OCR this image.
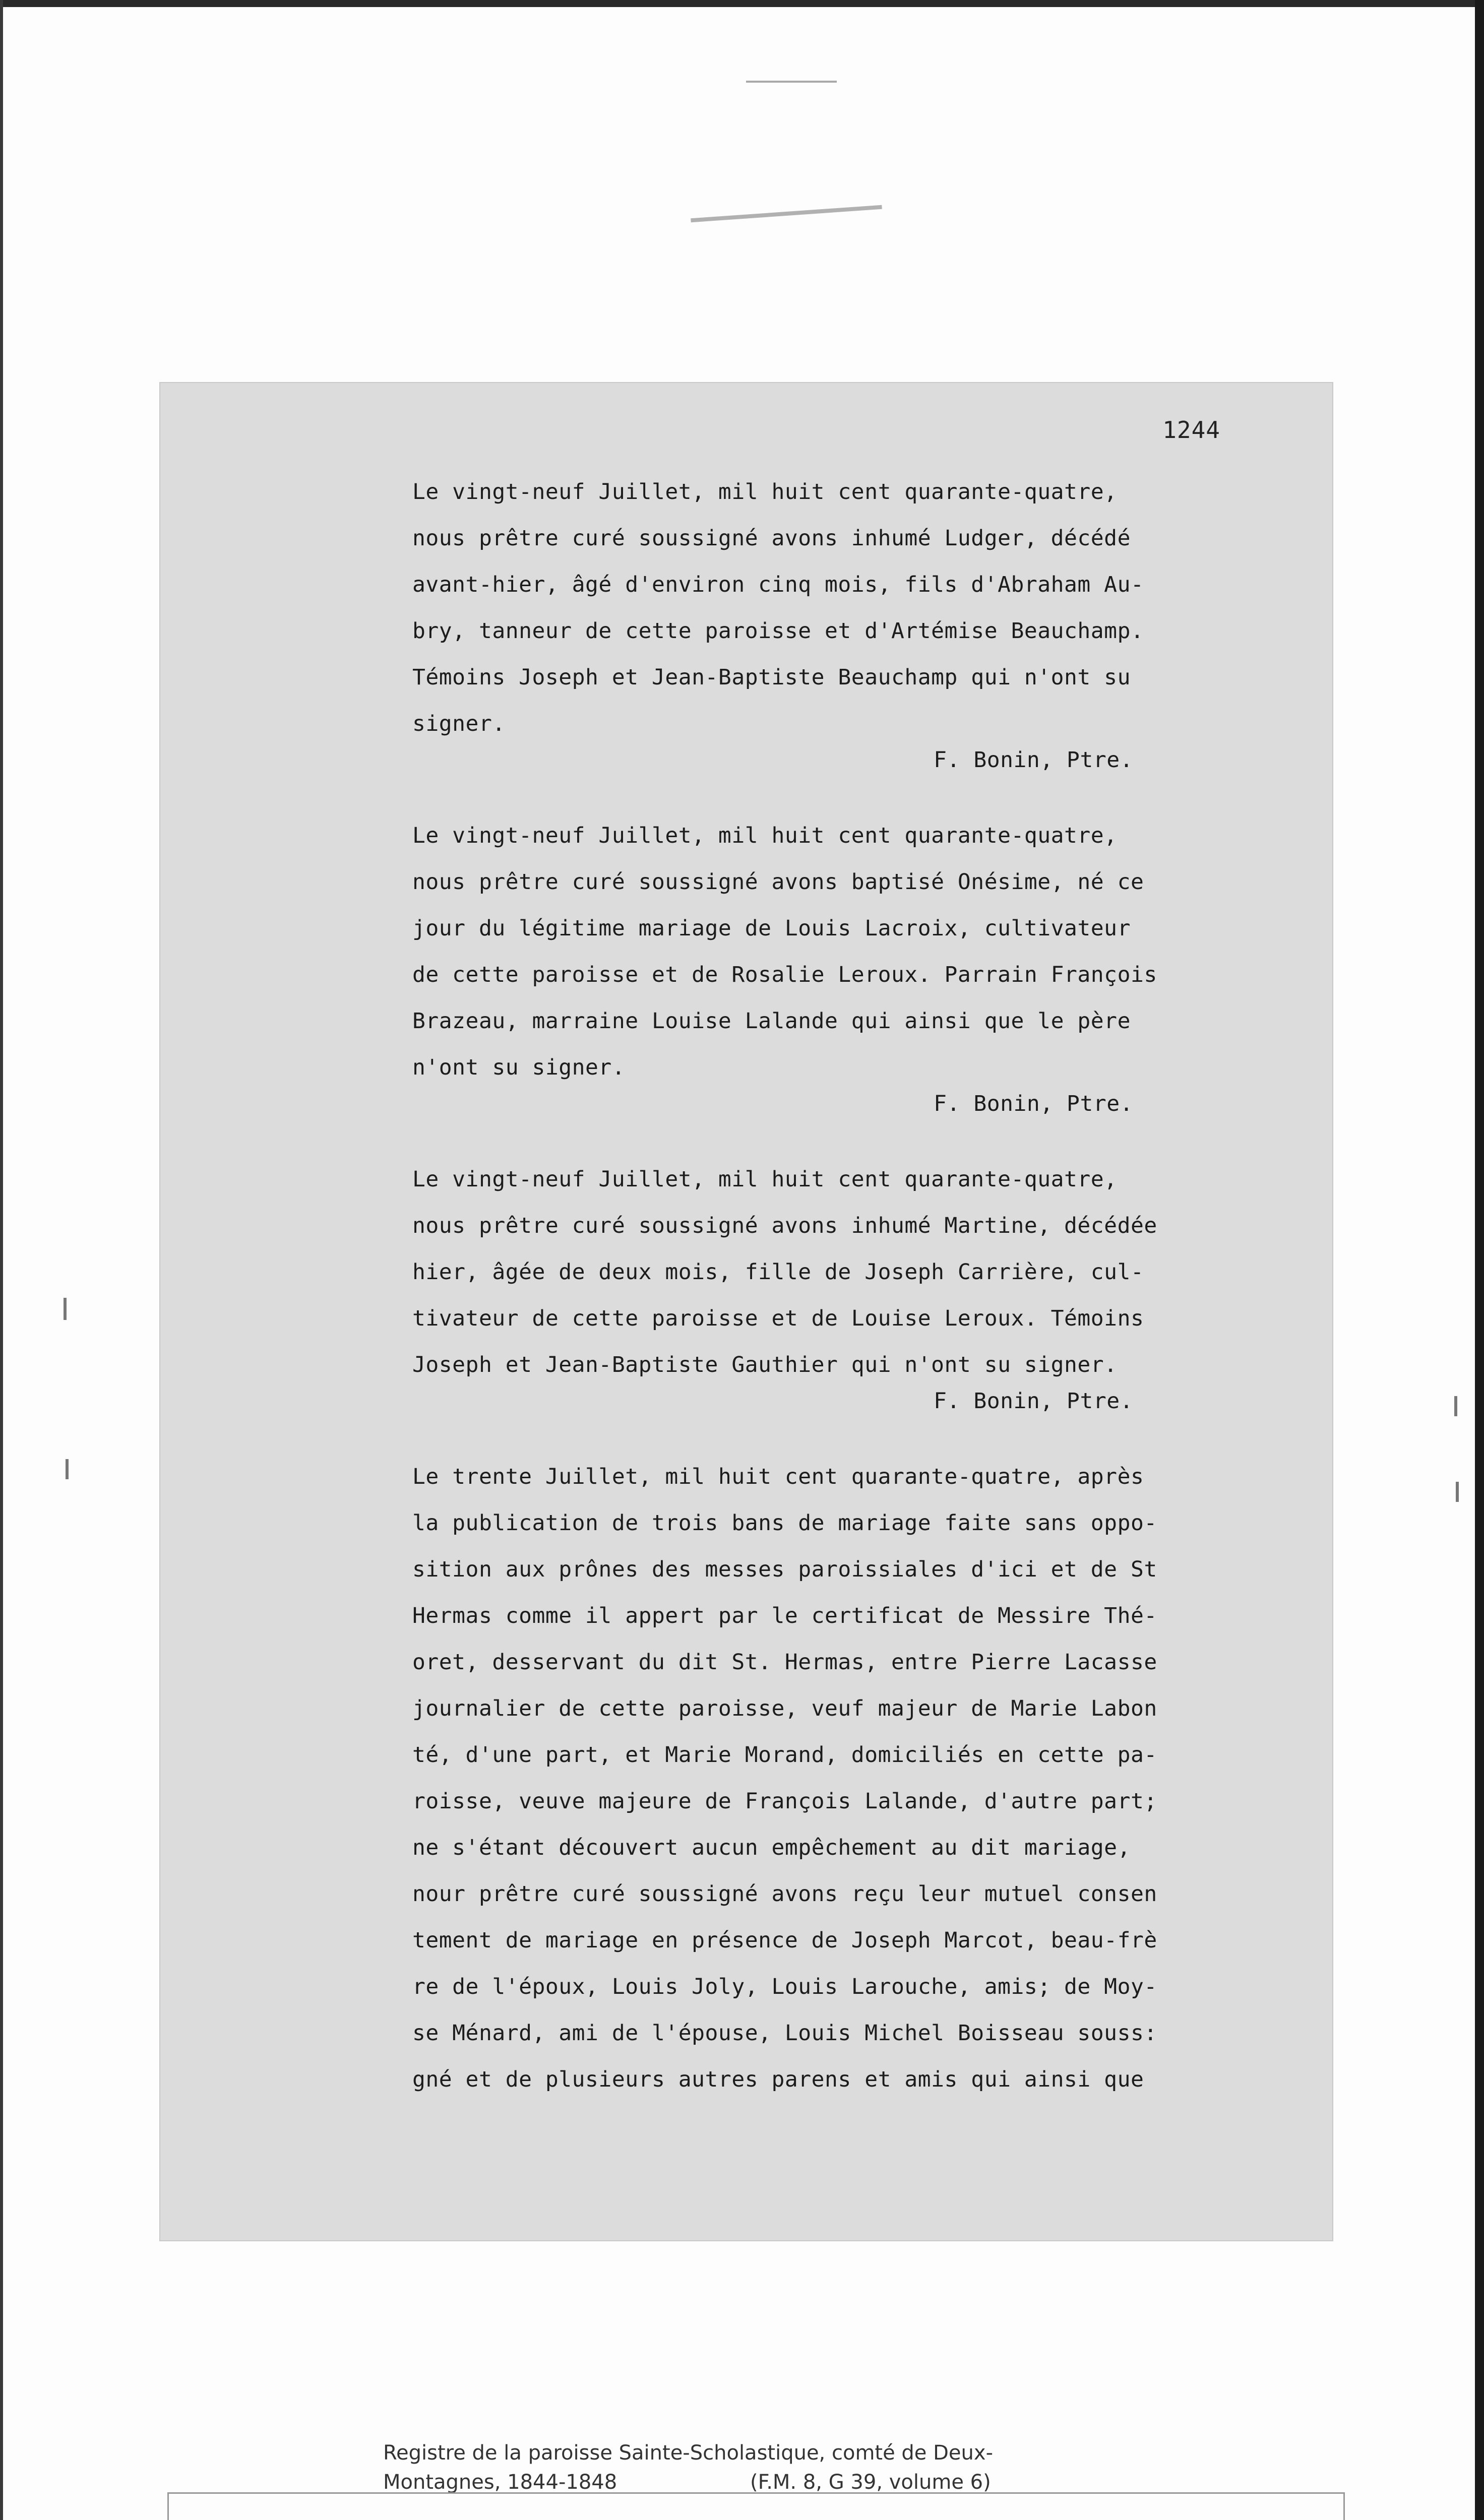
1244
Le vingt-neuf Juillet, mil huit cent quarante-quatre,
nous prêtre curé soussigné avons inhumé Ludger, décédé
avant-hier, âgé d'environ cinq mois, fils d'Abraham Au-
bry, tanneur de cette paroisse et d'Artémise Beauchamp.
Témoins Joseph et Jean-Baptiste Beauchamp qui n'ont su
signer.
F. Bonin, Ptre.
Le vingt-neuf Juillet, mil huit cent quarante-quatre,
nous prêtre curé soussigné avons baptisé Onésime, né ce
jour du légitime mariage de Louis Lacroix, cultivateur
de cette paroisse et de Rosalie Leroux. Parrain François
Brazeau, marraine Louise Lalande qui ainsi que le père
n'ont su signer.
F. Bonin, Ptre.
Le vingt-neuf Juillet, mil huit cent quarante-quatre,
nous prêtre curé soussigné avons inhumé Martine, décédée
hier, âgée de deux mois, fille de Joseph Carrière, cul-
tivateur de cette paroisse et de Louise Leroux. Témoins
Joseph et Jean-Baptiste Gauthier qui n'ont su signer.
F. Bonin, Ptre.
Le trente Juillet, mil huit cent quarante-quatre, après
la publication de trois bans de mariage faite sans oppo-
sition aux prônes des messes paroissiales d'ici et de St
Hermas comme il appert par le certificat de Messire Thé-
oret, desservant du dit St. Hermas, entre Pierre Lacasse
journalier de cette paroisse, veuf majeur de Marie Labon
té, d'une part, et Marie Morand, domiciliés en cette pa-
roisse, veuve majeure de François Lalande, d'autre part;
ne s'étant découvert aucun empêchement au dit mariage,
nour prêtre curé soussigné avons reçu leur mutuel consen
tement de mariage en présence de Joseph Marcot, beau-frè
re de l'époux, Louis Joly, Louis Larouche, amis; de Moy-
se Ménard, ami de l'épouse, Louis Michel Boisseau souss:
gné et de plusieurs autres parens et amis qui ainsi que
Registre de la paroisse Sainte-Scholastique, comté de Deux-
Montagnes, 1844-1848	(F.M. 8, G 39, volume 6)
